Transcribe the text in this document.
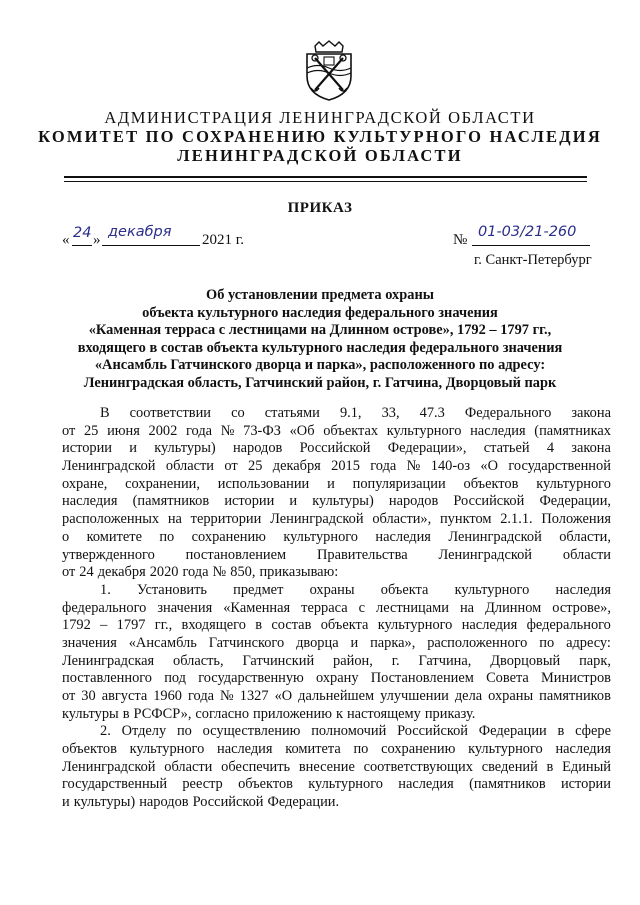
АДМИНИСТРАЦИЯ ЛЕНИНГРАДСКОЙ ОБЛАСТИ
КОМИТЕТ ПО СОХРАНЕНИЮ КУЛЬТУРНОГО НАСЛЕДИЯ
ЛЕНИНГРАДСКОЙ ОБЛАСТИ
ПРИКАЗ
« 24 » декабря 2021 г.	№ 01-03/21-260
г. Санкт-Петербург
Об установлении предмета охраны
объекта культурного наследия федерального значения
«Каменная терраса с лестницами на Длинном острове», 1792 – 1797 гг.,
входящего в состав объекта культурного наследия федерального значения
«Ансамбль Гатчинского дворца и парка», расположенного по адресу:
Ленинградская область, Гатчинский район, г. Гатчина, Дворцовый парк
В соответствии со статьями 9.1, 33, 47.3 Федерального закона
от 25 июня 2002 года № 73-ФЗ «Об объектах культурного наследия (памятниках
истории и культуры) народов Российской Федерации», статьей 4 закона
Ленинградской области от 25 декабря 2015 года № 140-оз «О государственной
охране, сохранении, использовании и популяризации объектов культурного
наследия (памятников истории и культуры) народов Российской Федерации,
расположенных на территории Ленинградской области», пунктом 2.1.1. Положения
о комитете по сохранению культурного наследия Ленинградской области,
утвержденного постановлением Правительства Ленинградской области
от 24 декабря 2020 года № 850, приказываю:
1. Установить предмет охраны объекта культурного наследия
федерального значения «Каменная терраса с лестницами на Длинном острове»,
1792 – 1797 гг., входящего в состав объекта культурного наследия федерального
значения «Ансамбль Гатчинского дворца и парка», расположенного по адресу:
Ленинградская область, Гатчинский район, г. Гатчина, Дворцовый парк,
поставленного под государственную охрану Постановлением Совета Министров
от 30 августа 1960 года № 1327 «О дальнейшем улучшении дела охраны памятников
культуры в РСФСР», согласно приложению к настоящему приказу.
2. Отделу по осуществлению полномочий Российской Федерации в сфере
объектов культурного наследия комитета по сохранению культурного наследия
Ленинградской области обеспечить внесение соответствующих сведений в Единый
государственный реестр объектов культурного наследия (памятников истории
и культуры) народов Российской Федерации.
